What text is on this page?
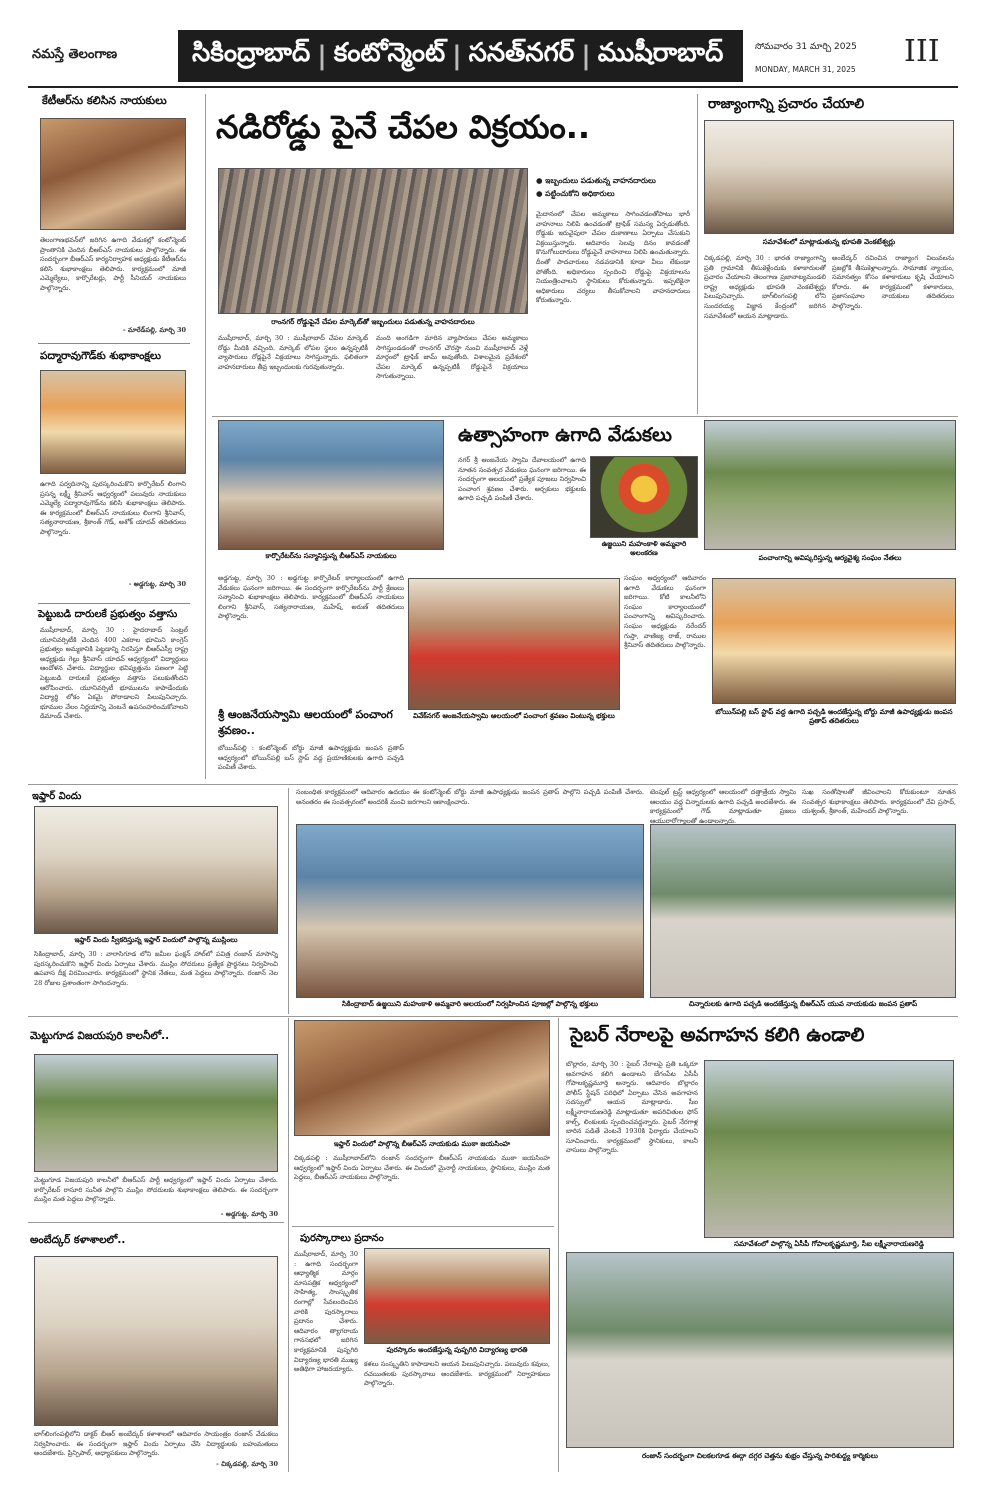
నమస్తే తెలంగాణ	సికింద్రాబాద్ | కంటోన్మెంట్ | సనత్‌నగర్ | ముషీరాబాద్	సోమవారం 31 మార్చి 2025
MONDAY, MARCH 31, 2025
III
కేటీఆర్‌ను కలిసిన నాయకులు
తెలంగాణభవన్‌లో జరిగిన ఉగాది వేడుకల్లో కంటోన్మెంట్ ప్రాంతానికి చెందిన బీఆర్ఎస్ నాయకులు పాల్గొన్నారు. ఈ సందర్భంగా బీఆర్ఎస్ కార్యనిర్వాహక అధ్యక్షుడు కేటీఆర్‌ను కలిసి శుభాకాంక్షలు తెలిపారు. కార్యక్రమంలో మాజీ ఎమ్మెల్యేలు, కార్పొరేటర్లు, పార్టీ సీనియర్ నాయకులు పాల్గొన్నారు.
- మారేడ్‌పల్లి, మార్చి 30
పద్మారావుగౌడ్‌కు శుభాకాంక్షలు
ఉగాది పర్వదినాన్ని పురస్కరించుకొని కార్పొరేటర్ లింగాని ప్రసన్న లక్ష్మీ శ్రీనివాస్ ఆధ్వర్యంలో పలువురు నాయకులు ఎమ్మెల్యే పద్మారావుగౌడ్‌ను కలిసి శుభాకాంక్షలు తెలిపారు. ఈ కార్యక్రమంలో బీఆర్ఎస్ నాయకులు లింగాని శ్రీనివాస్, సత్యనారాయణ, శ్రీకాంత్ గౌడ్, అశోక్ యాదవ్ తదితరులు పాల్గొన్నారు.
- అడ్డగుట్ట, మార్చి 30
పెట్టుబడి దారులకే ప్రభుత్వం వత్తాసు
ముషీరాబాద్, మార్చి 30 : హైదరాబాద్ సెంట్రల్ యూనివర్సిటీకి చెందిన 400 ఎకరాల భూమిని కాంగ్రెస్ ప్రభుత్వం అమ్మకానికి పెట్టడాన్ని నిరసిస్తూ బీఆర్ఎస్వీ రాష్ట్ర అధ్యక్షుడు గెల్లు శ్రీనివాస్ యాదవ్ ఆధ్వర్యంలో విద్యార్థులు ఆందోళన చేశారు. విద్యార్థుల భవిష్యత్తును పణంగా పెట్టి పెట్టుబడి దారులకే ప్రభుత్వం వత్తాసు పలుకుతోందని ఆరోపించారు. యూనివర్సిటీ భూములను కాపాడేందుకు విద్యార్థి లోకం ఏకమై పోరాడాలని పిలుపునిచ్చారు. భూముల వేలం నిర్ణయాన్ని వెంటనే ఉపసంహరించుకోవాలని డిమాండ్ చేశారు.
నడిరోడ్డు పైనే చేపల విక్రయం..
● ఇబ్బందులు పడుతున్న వాహనదారులు
● పట్టించుకోని అధికారులు
మైదానంలో చేపల అమ్మకాలు సాగించడంతోపాటు భారీ వాహనాలు నిలిపి ఉంచడంతో ట్రాఫిక్ సమస్య ఏర్పడుతోంది. రోడ్డుకు ఇరువైపులా చేపల దుకాణాలు ఏర్పాటు చేసుకుని విక్రయిస్తున్నారు. ఆదివారం సెలవు దినం కావడంతో కొనుగోలుదారులు రోడ్డుపైనే వాహనాలు నిలిపి ఉంచుతున్నారు. దీంతో పాదచారులు నడవడానికి కూడా వీలు లేకుండా పోతోంది. అధికారులు స్పందించి రోడ్డుపై విక్రయాలను నియంత్రించాలని స్థానికులు కోరుతున్నారు. ఇప్పటికైనా అధికారులు చర్యలు తీసుకోవాలని వాహనదారులు కోరుతున్నారు.
రాంనగర్ రోడ్డుపైనే చేపల మార్కెట్‌తో ఇబ్బందులు పడుతున్న వాహనదారులు
ముషీరాబాద్, మార్చి 30 : ముషీరాబాద్ చేపల మార్కెట్ రోడ్డు మీదికి వచ్చింది. మార్కెట్ లోపల స్థలం ఉన్నప్పటికీ వ్యాపారులు రోడ్లపైనే విక్రయాలు సాగిస్తున్నారు. ఫలితంగా వాహనదారులు తీవ్ర ఇబ్బందులకు గురవుతున్నారు.
మంది అంగడిగా మారిన వ్యాపారులు చేపల అమ్మకాలు సాగిస్తుండడంతో రాంనగర్ చౌరస్తా నుంచి ముషీరాబాద్ వెళ్లే మార్గంలో ట్రాఫిక్ జామ్ అవుతోంది. విశాలమైన ప్రదేశంలో చేపల మార్కెట్ ఉన్నప్పటికీ రోడ్డుపైనే విక్రయాలు సాగుతున్నాయి.
రాజ్యాంగాన్ని ప్రచారం చేయాలి
సమావేశంలో మాట్లాడుతున్న భూపతి వెంకటేశ్వర్లు
చిక్కడపల్లి, మార్చి 30 : భారత రాజ్యాంగాన్ని ప్రతి గ్రామానికి తీసుకెళ్లేందుకు కళాకారులతో ప్రచారం చేయాలని తెలంగాణ ప్రజానాట్యమండలి రాష్ట్ర అధ్యక్షుడు భూపతి వెంకటేశ్వర్లు పిలుపునిచ్చారు. బాగ్‌లింగంపల్లి లోని సుందరయ్య విజ్ఞాన కేంద్రంలో జరిగిన సమావేశంలో ఆయన మాట్లాడారు.
అంబేద్కర్ రచించిన రాజ్యాంగ విలువలను ప్రజల్లోకి తీసుకెళ్లాలన్నారు. సామాజిక న్యాయం, సమానత్వం కోసం కళాకారులు కృషి చేయాలని కోరారు. ఈ కార్యక్రమంలో కళాకారులు, ప్రజాసంఘాల నాయకులు తదితరులు పాల్గొన్నారు.
కార్పొరేటర్‌ను సన్మానిస్తున్న బీఆర్ఎస్ నాయకులు
ఉత్సాహంగా ఉగాది వేడుకలు
నగర్ శ్రీ ఆంజనేయ స్వామి దేవాలయంలో ఉగాది నూతన సంవత్సర వేడుకలు ఘనంగా జరిగాయి. ఈ సందర్భంగా ఆలయంలో ప్రత్యేక పూజలు నిర్వహించి పంచాంగ శ్రవణం చేశారు. అర్చకులు భక్తులకు ఉగాది పచ్చడి పంపిణీ చేశారు.
ఉజ్జయిని మహంకాళి అమ్మవారి అలంకరణ
పంచాంగాన్ని ఆవిష్కరిస్తున్న ఆర్యవైశ్య సంఘం నేతలు
అడ్డగుట్ట, మార్చి 30 : అడ్డగుట్ట కార్పొరేటర్ కార్యాలయంలో ఉగాది వేడుకలు ఘనంగా జరిగాయి. ఈ సందర్భంగా కార్పొరేటర్‌ను పార్టీ శ్రేణులు సన్మానించి శుభాకాంక్షలు తెలిపారు. కార్యక్రమంలో బీఆర్ఎస్ నాయకులు లింగాని శ్రీనివాస్, సత్యనారాయణ, మహేష్, అరుణ్ తదితరులు పాల్గొన్నారు.
వివేక్‌నగర్ ఆంజనేయస్వామి ఆలయంలో పంచాంగ శ్రవణం వింటున్న భక్తులు
సంఘం ఆధ్వర్యంలో ఆదివారం ఉగాది వేడుకలు ఘనంగా జరిగాయి. కోటి కాలనీలోని సంఘం కార్యాలయంలో పంచాంగాన్ని ఆవిష్కరించారు. సంఘం అధ్యక్షుడు నరేందర్ గుప్తా, వాణిజ్య రాజ్, రాముల శ్రీనివాస్ తదితరులు పాల్గొన్నారు.
బోయిన్‌పల్లి బస్ స్టాప్ వద్ద ఉగాది పచ్చడి అందజేస్తున్న బోర్డు మాజీ ఉపాధ్యక్షుడు జంపన ప్రతాప్ తదితరులు
శ్రీ ఆంజనేయస్వామి ఆలయంలో పంచాంగ శ్రవణం..
బోయిన్‌పల్లి : కంటోన్మెంట్ బోర్డు మాజీ ఉపాధ్యక్షుడు జంపన ప్రతాప్ ఆధ్వర్యంలో బోయిన్‌పల్లి బస్ స్టాప్ వద్ద ప్రయాణికులకు ఉగాది పచ్చడి పంపిణీ చేశారు.
ఇఫ్తార్ విందు
ఇఫ్తార్ విందు స్వీకరిస్తున్న ఇఫ్తార్ విందులో పాల్గొన్న ముస్లింలు
సికింద్రాబాద్, మార్చి 30 : వారాసిగూడ లోని జమీల ఫంక్షన్ హాల్‌లో పవిత్ర రంజాన్ మాసాన్ని పురస్కరించుకొని ఇఫ్తార్ విందు ఏర్పాటు చేశారు. ముస్లిం సోదరులు ప్రత్యేక ప్రార్థనలు నిర్వహించి ఉపవాస దీక్ష విరమించారు. కార్యక్రమంలో స్థానిక నేతలు, మత పెద్దలు పాల్గొన్నారు. రంజాన్ నెల 28 రోజుల ప్రశాంతంగా సాగిందన్నారు.
సంబంధిత కార్యక్రమంలో ఆదివారం ఉదయం ఈ కంటోన్మెంట్ బోర్డు మాజీ ఉపాధ్యక్షుడు జంపన ప్రతాప్ పాల్గొని పచ్చడి పంపిణీ చేశారు. అనంతరం ఈ సంవత్సరంలో అందరికీ మంచి జరగాలని ఆకాంక్షించారు.
సికింద్రాబాద్ ఉజ్జయిని మహంకాళి అమ్మవారి ఆలయంలో నిర్వహించిన పూజల్లో పాల్గొన్న భక్తులు
టెంపుల్ ట్రస్ట్ ఆధ్వర్యంలో ఆలయంలో దత్తాత్రేయ స్వామి ఆలయం వద్ద చిన్నారులకు ఉగాది పచ్చడి అందజేశారు. ఈ కార్యక్రమంలో గౌడ్ మాట్లాడుతూ ప్రజలు ఆయురారోగ్యాలతో ఉండాలన్నారు.
సుఖ సంతోషాలతో జీవించాలని కోరుకుంటూ నూతన సంవత్సర శుభాకాంక్షలు తెలిపారు. కార్యక్రమంలో దేవి ప్రసాద్, యశ్వంత్, శ్రీకాంత్, మహేందర్ పాల్గొన్నారు.
చిన్నారులకు ఉగాది పచ్చడి అందజేస్తున్న బీఆర్ఎస్ యువ నాయకుడు జంపన ప్రతాప్
మెట్టుగూడ విజయపురి కాలనీలో..
మెట్టుగూడ విజయపురి కాలనీలో బీఆర్ఎస్ పార్టీ ఆధ్వర్యంలో ఇఫ్తార్ విందు ఏర్పాటు చేశారు. కార్పొరేటర్ రాసూరి సునీత పాల్గొని ముస్లిం సోదరులకు శుభాకాంక్షలు తెలిపారు. ఈ సందర్భంగా ముస్లిం మత పెద్దలు పాల్గొన్నారు.
- అడ్డగుట్ట, మార్చి 30
అంబేద్కర్ కళాశాలలో..
బాగ్‌లింగంపల్లిలోని డాక్టర్ బీఆర్ అంబేద్కర్ కళాశాలలో ఆదివారం సాయంత్రం రంజాన్ వేడుకలు నిర్వహించారు. ఈ సందర్భంగా ఇఫ్తార్ విందు ఏర్పాటు చేసి విద్యార్థులకు బహుమతులు అందజేశారు. ప్రిన్సిపాల్, అధ్యాపకులు పాల్గొన్నారు.
- చిక్కడపల్లి, మార్చి 30
ఇఫ్తార్ విందులో పాల్గొన్న బీఆర్ఎస్ నాయకుడు ముఠా జయసింహ
చిక్కడపల్లి : ముషీరాబాద్‌లోని రంజాన్ సందర్భంగా బీఆర్ఎస్ నాయకుడు ముఠా జయసింహ ఆధ్వర్యంలో ఇఫ్తార్ విందు ఏర్పాటు చేశారు. ఈ విందులో మైనార్టీ నాయకులు, స్థానికులు, ముస్లిం మత పెద్దలు, బీఆర్ఎస్ నాయకులు పాల్గొన్నారు.
పురస్కారాలు ప్రదానం
ముషీరాబాద్, మార్చి 30 : ఉగాది సందర్భంగా ఆధ్యాత్మిక మార్గం మాసపత్రిక ఆధ్వర్యంలో సాహిత్య, సాంస్కృతిక రంగాల్లో సేవలందించిన వారికి పురస్కారాలు ప్రదానం చేశారు. ఆదివారం త్యాగరాయ గానసభలో జరిగిన కార్యక్రమానికి పుష్పగిరి విద్యారణ్య భారతి ముఖ్య అతిథిగా హాజరయ్యారు.
పురస్కారం అందజేస్తున్న పుష్పగిరి విద్యారణ్య భారతి
కళలు సంస్కృతిని కాపాడాలని ఆయన పిలుపునిచ్చారు. పలువురు కవులు, రచయితలకు పురస్కారాలు అందజేశారు. కార్యక్రమంలో నిర్వాహకులు పాల్గొన్నారు.
సైబర్ నేరాలపై అవగాహన కలిగి ఉండాలి
బొల్లారం, మార్చి 30 : సైబర్ నేరాలపై ప్రతి ఒక్కరూ అవగాహన కలిగి ఉండాలని బేగంపేట ఏసీపీ గోపాలకృష్ణమూర్తి అన్నారు. ఆదివారం బొల్లారం పోలీస్ స్టేషన్ పరిధిలో ఏర్పాటు చేసిన అవగాహన సదస్సులో ఆయన మాట్లాడారు. సీఐ లక్ష్మీనారాయణరెడ్డి మాట్లాడుతూ అపరిచితుల ఫోన్ కాల్స్, లింకులకు స్పందించవద్దన్నారు. సైబర్ నేరగాళ్ల బారిన పడితే వెంటనే 1930కి ఫిర్యాదు చేయాలని సూచించారు. కార్యక్రమంలో స్థానికులు, కాలనీ వాసులు పాల్గొన్నారు.
సమావేశంలో పాల్గొన్న ఏసీపీ గోపాలకృష్ణమూర్తి, సీఐ లక్ష్మీనారాయణరెడ్డి
రంజాన్ సందర్భంగా చిలకలగూడ ఈద్గా దగ్గర చెత్తను శుభ్రం చేస్తున్న పారిశుద్ధ్య కార్మికులు
